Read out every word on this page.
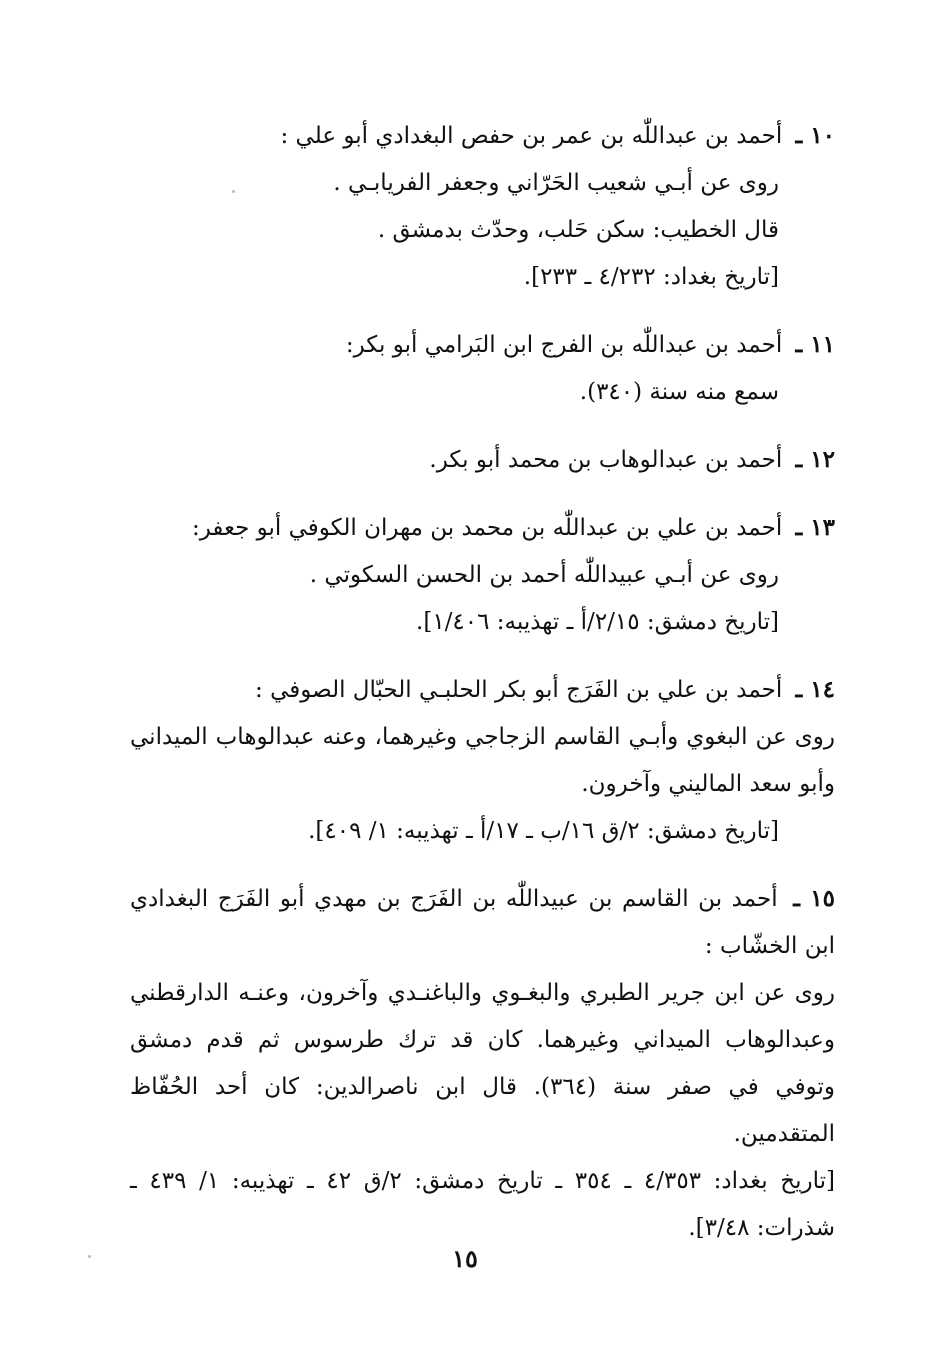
١٠ ـ أحمد بن عبداللّٰه بن عمر بن حفص البغدادي أبو علي :
روى عن أبـي شعيب الحَرّاني وجعفر الفريابـي .
قال الخطيب: سكن حَلب، وحدّث بدمشق .
[تاريخ بغداد: ٤/٢٣٢ ـ ٢٣٣].
١١ ـ أحمد بن عبداللّٰه بن الفرج ابن البَرامي أبو بكر:
سمع منه سنة (٣٤٠).
١٢ ـ أحمد بن عبدالوهاب بن محمد أبو بكر.
١٣ ـ أحمد بن علي بن عبداللّٰه بن محمد بن مهران الكوفي أبو جعفر:
روى عن أبـي عبيداللّٰه أحمد بن الحسن السكوتي .
[تاريخ دمشق: ٢/١٥/أ ـ تهذيبه: ١/٤٠٦].
١٤ ـ أحمد بن علي بن الفَرَج أبو بكر الحلبـي الحبّال الصوفي :
روى عن البغوي وأبـي القاسم الزجاجي وغيرهما، وعنه عبدالوهاب الميداني وأبو سعد الماليني وآخرون.
[تاريخ دمشق: ٢/ق ١٦/ب ـ ١٧/أ ـ تهذيبه: ١/ ٤٠٩].
١٥ ـ أحمد بن القاسم بن عبيداللّٰه بن الفَرَج بن مهدي أبو الفَرَج البغدادي ابن الخشّاب :
روى عن ابن جرير الطبري والبغـوي والباغنـدي وآخرون، وعنـه الدارقطني وعبدالوهاب الميداني وغيرهما. كان قد ترك طرسوس ثم قدم دمشق وتوفي في صفر سنة (٣٦٤). قال ابن ناصرالدين: كان أحد الحُفّاظ المتقدمين.
[تاريخ بغداد: ٤/٣٥٣ ـ ٣٥٤ ـ تاريخ دمشق: ٢/ق ٤٢ ـ تهذيبه: ١/ ٤٣٩ ـ شذرات: ٣/٤٨].
١٥
